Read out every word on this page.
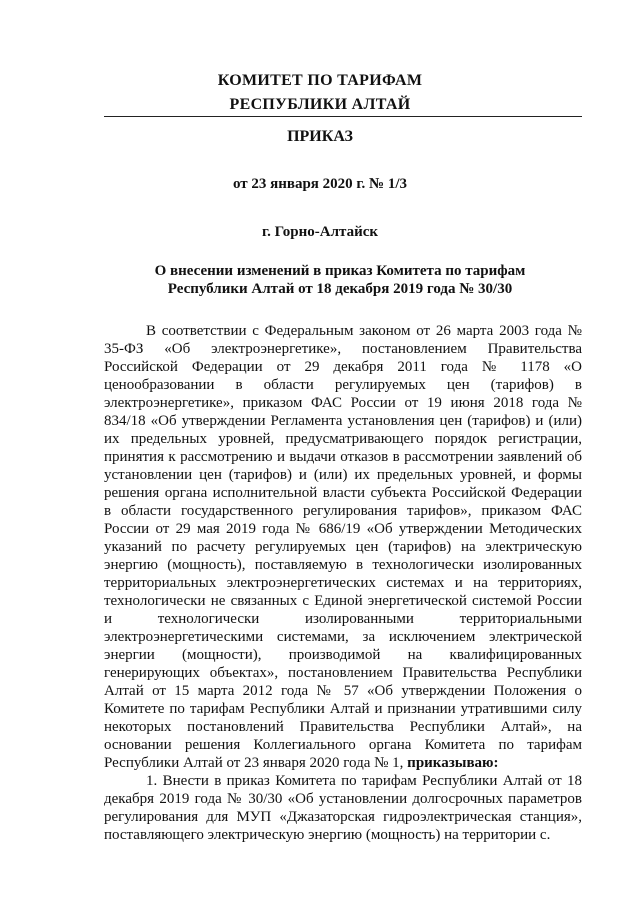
КОМИТЕТ ПО ТАРИФАМ
РЕСПУБЛИКИ АЛТАЙ
ПРИКАЗ
от 23 января 2020 г. № 1/3
г. Горно-Алтайск
О внесении изменений в приказ Комитета по тарифам
Республики Алтай от 18 декабря 2019 года № 30/30

В соответствии с Федеральным законом от 26 марта 2003 года № 35-ФЗ «Об электроэнергетике», постановлением Правительства Российской Федерации от 29 декабря 2011 года № 1178 «О ценообразовании в области регулируемых цен (тарифов) в электроэнергетике», приказом ФАС России от 19 июня 2018 года № 834/18 «Об утверждении Регламента установления цен (тарифов) и (или) их предельных уровней, предусматривающего порядок регистрации, принятия к рассмотрению и выдачи отказов в рассмотрении заявлений об установлении цен (тарифов) и (или) их предельных уровней, и формы решения органа исполнительной власти субъекта Российской Федерации в области государственного регулирования тарифов», приказом ФАС России от 29 мая 2019 года № 686/19 «Об утверждении Методических указаний по расчету регулируемых цен (тарифов) на электрическую энергию (мощность), поставляемую в технологически изолированных территориальных электроэнергетических системах и на территориях, технологически не связанных с Единой энергетической системой России и технологически изолированными территориальными электроэнергетическими системами, за исключением электрической энергии (мощности), производимой на квалифицированных генерирующих объектах», постановлением Правительства Республики Алтай от 15 марта 2012 года № 57 «Об утверждении Положения о Комитете по тарифам Республики Алтай и признании утратившими силу некоторых постановлений Правительства Республики Алтай», на основании решения Коллегиального органа Комитета по тарифам Республики Алтай от 23 января 2020 года № 1, приказываю:

1. Внести в приказ Комитета по тарифам Республики Алтай от 18 декабря 2019 года № 30/30 «Об установлении долгосрочных параметров регулирования для МУП «Джазаторская гидроэлектрическая станция», поставляющего электрическую энергию (мощность) на территории с.
